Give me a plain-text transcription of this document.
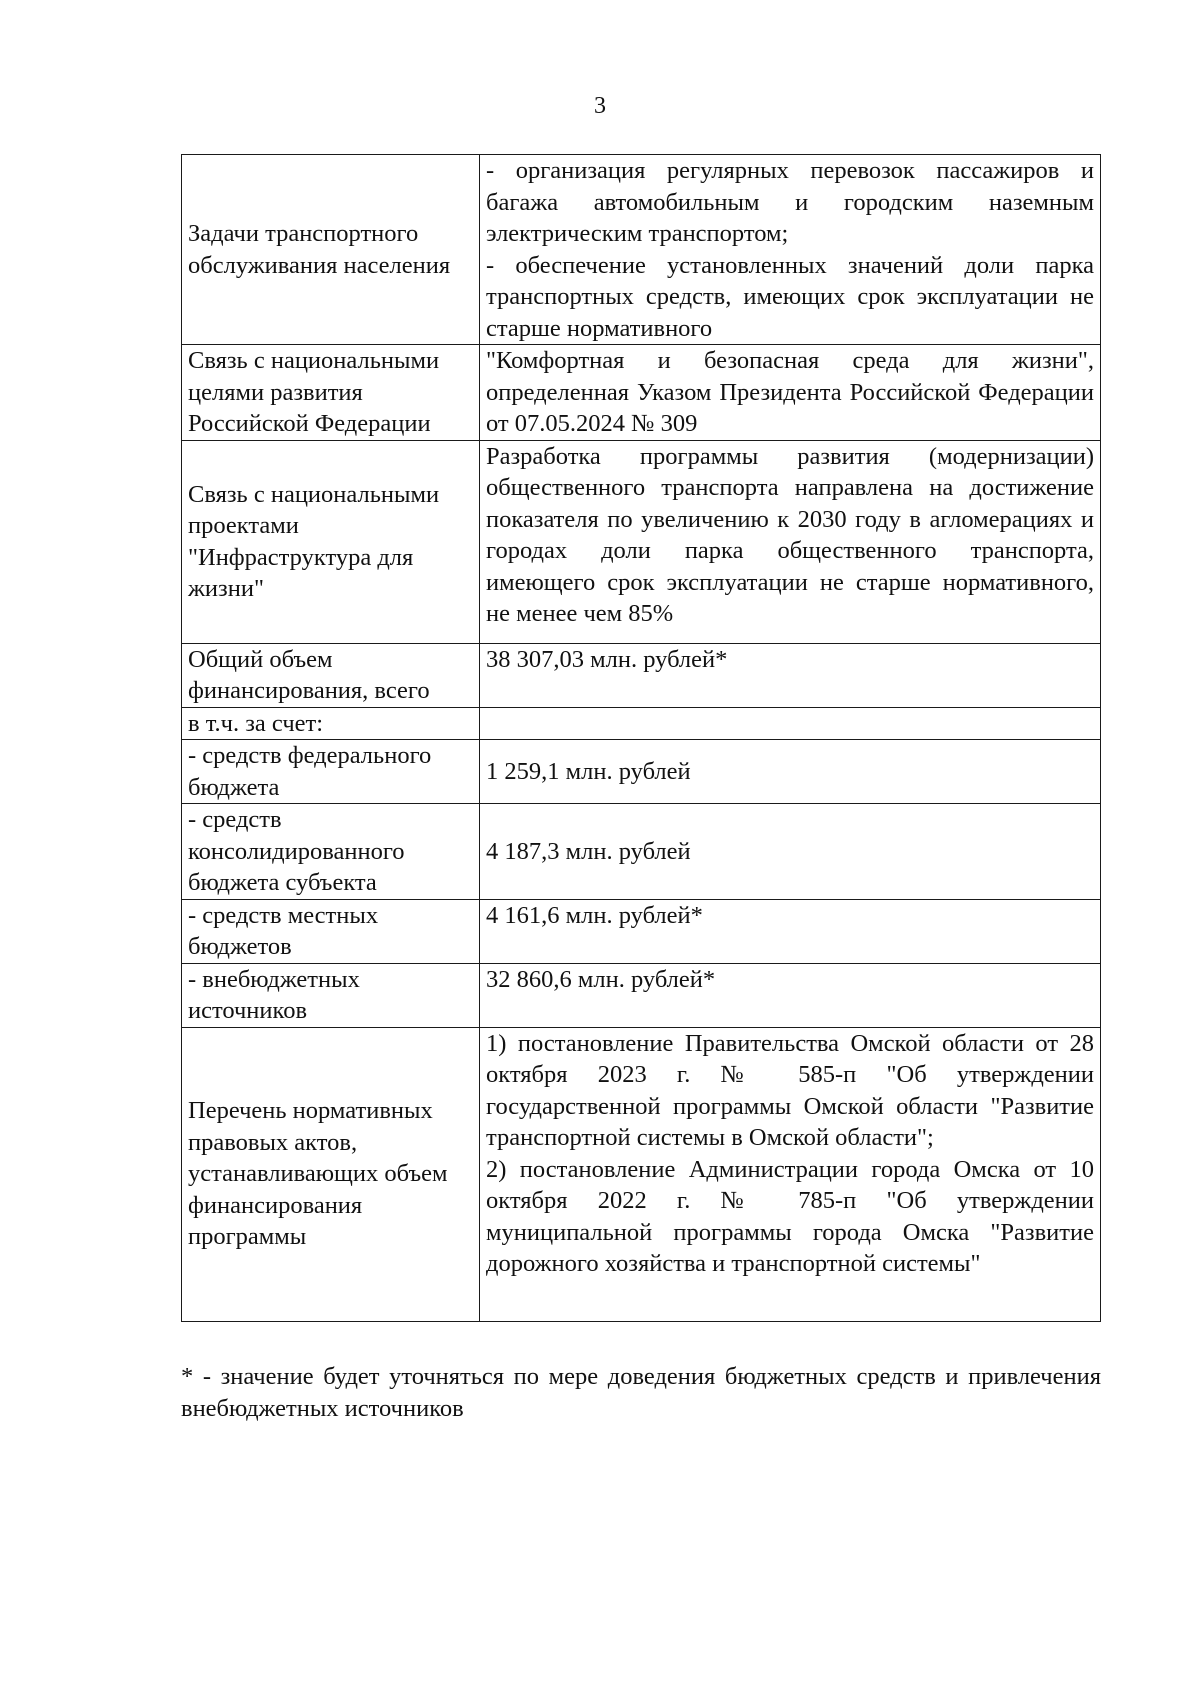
3
Задачи транспортного обслуживания населения	- организация регулярных перевозок пассажиров и багажа автомобильным и городским наземным электрическим транспортом;
- обеспечение установленных значений доли парка транспортных средств, имеющих срок эксплуатации не старше нормативного

Связь с национальными целями развития Российской Федерации	"Комфортная и безопасная среда для жизни", определенная Указом Президента Российской Федерации от 07.05.2024 № 309
Связь с национальными проектами "Инфраструктура для жизни"	Разработка программы развития (модернизации) общественного транспорта направлена на достижение показателя по увеличению к 2030 году в агломерациях и городах доли парка общественного транспорта, имеющего срок эксплуатации не старше нормативного, не менее чем 85%
Общий объем финансирования, всего	38 307,03 млн. рублей*
в т.ч. за счет:	
- средств федерального бюджета	1 259,1 млн. рублей
- средств консолидированного бюджета субъекта	4 187,3 млн. рублей
- средств местных бюджетов	4 161,6 млн. рублей*
- внебюджетных источников	32 860,6 млн. рублей*
Перечень нормативных правовых актов, устанавливающих объем финансирования программы	1) постановление Правительства Омской области от 28 октября 2023 г. № 585-п "Об утверждении государственной программы Омской области "Развитие транспортной системы в Омской области";
2) постановление Администрации города Омска от 10 октября 2022 г. № 785-п "Об утверждении муниципальной программы города Омска "Развитие дорожного хозяйства и транспортной системы"
* - значение будет уточняться по мере доведения бюджетных средств и привлечения внебюджетных источников
